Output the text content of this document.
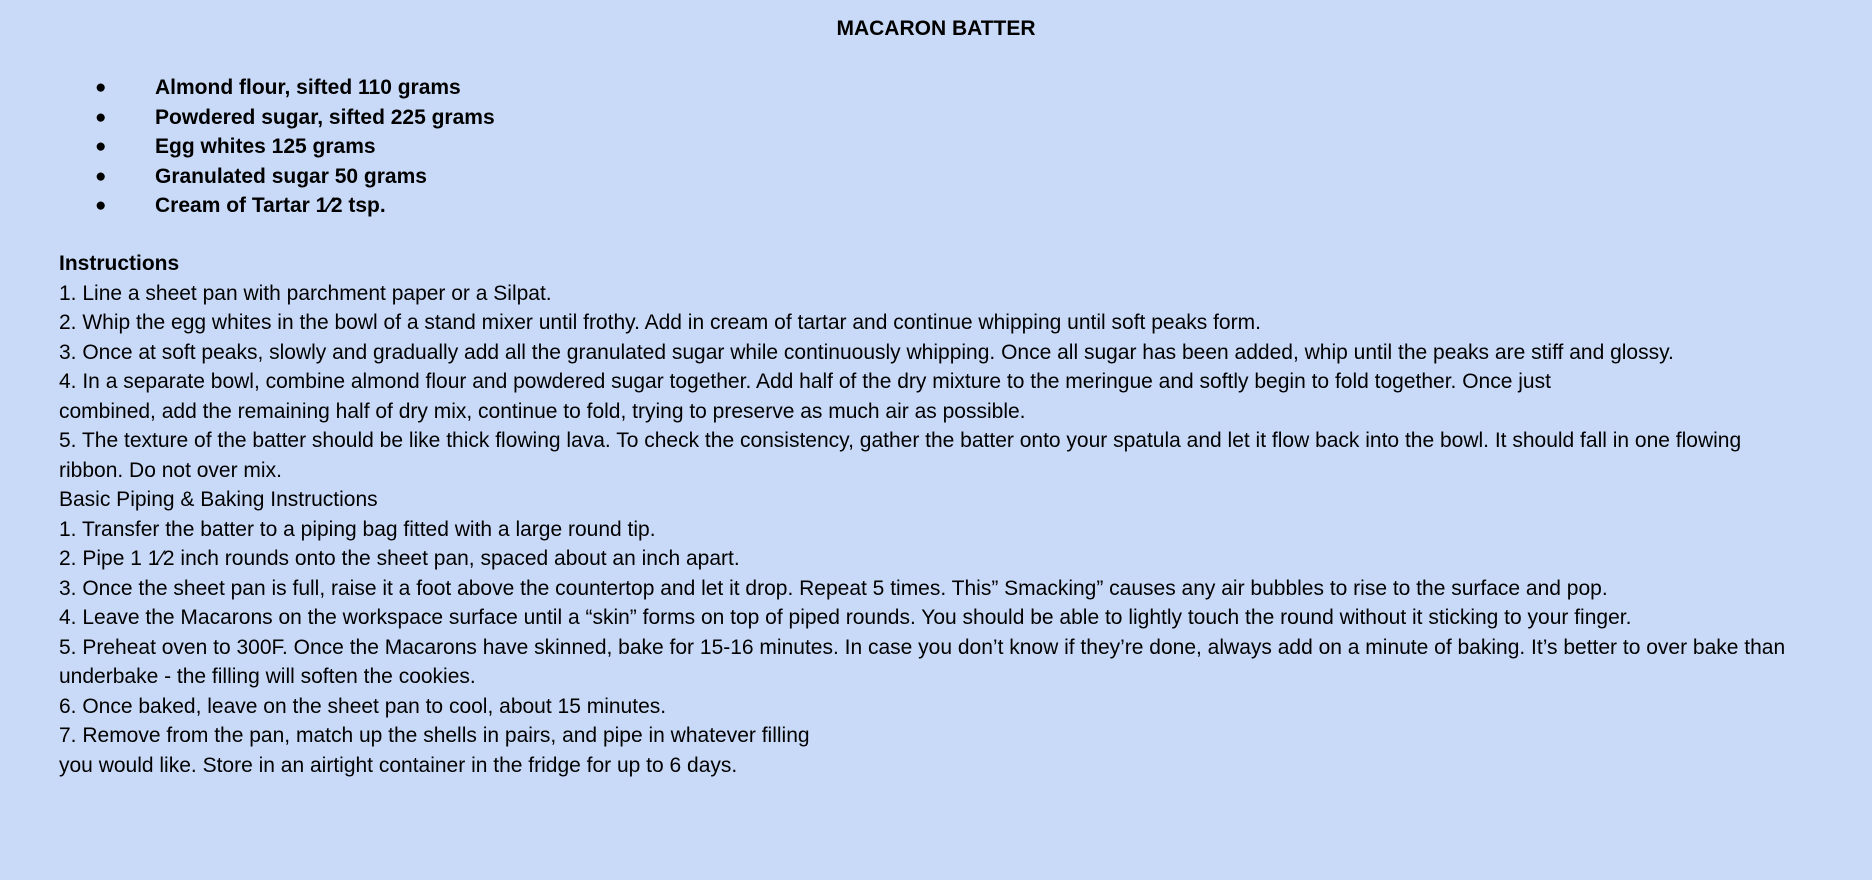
MACARON BATTER
● Almond flour, sifted 110 grams
● Powdered sugar, sifted 225 grams
● Egg whites 125 grams
● Granulated sugar 50 grams
● Cream of Tartar 1⁄2 tsp.

Instructions

1. Line a sheet pan with parchment paper or a Silpat.

2. Whip the egg whites in the bowl of a stand mixer until frothy. Add in cream of tartar and continue whipping until soft peaks form.

3. Once at soft peaks, slowly and gradually add all the granulated sugar while continuously whipping. Once all sugar has been added, whip until the peaks are stiff and glossy.

4. In a separate bowl, combine almond flour and powdered sugar together. Add half of the dry mixture to the meringue and softly begin to fold together. Once just

combined, add the remaining half of dry mix, continue to fold, trying to preserve as much air as possible.

5. The texture of the batter should be like thick flowing lava. To check the consistency, gather the batter onto your spatula and let it flow back into the bowl. It should fall in one flowing

ribbon. Do not over mix.

Basic Piping & Baking Instructions

1. Transfer the batter to a piping bag fitted with a large round tip.

2. Pipe 1 1⁄2 inch rounds onto the sheet pan, spaced about an inch apart.

3. Once the sheet pan is full, raise it a foot above the countertop and let it drop. Repeat 5 times. This” Smacking” causes any air bubbles to rise to the surface and pop.

4. Leave the Macarons on the workspace surface until a “skin” forms on top of piped rounds. You should be able to lightly touch the round without it sticking to your finger.

5. Preheat oven to 300F. Once the Macarons have skinned, bake for 15-16 minutes. In case you don’t know if they’re done, always add on a minute of baking. It’s better to over bake than

underbake - the filling will soften the cookies.

6. Once baked, leave on the sheet pan to cool, about 15 minutes.

7. Remove from the pan, match up the shells in pairs, and pipe in whatever filling

you would like. Store in an airtight container in the fridge for up to 6 days.
